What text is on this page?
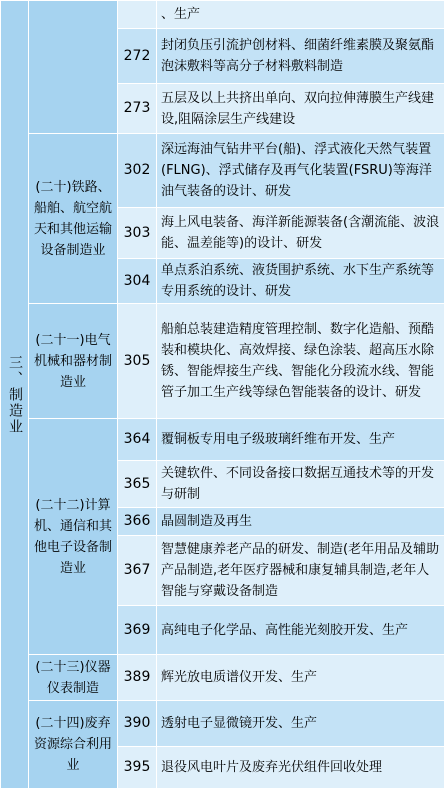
三、制造业			、生产
		272	封闭负压引流护创材料、细菌纤维素膜及聚氨酯泡沫敷料等高分子材料敷料制造
		273	五层及以上共挤出单向、双向拉伸薄膜生产线建设,阻隔涂层生产线建设
	(二十)铁路、船舶、航空航天和其他运输设备制造业	302	深远海油气钻井平台(船)、浮式液化天然气装置(FLNG)、浮式储存及再气化装置(FSRU)等海洋油气装备的设计、研发
		303	海上风电装备、海洋新能源装备(含潮流能、波浪能、温差能等)的设计、研发
		304	单点系泊系统、液货围护系统、水下生产系统等专用系统的设计、研发
	(二十一)电气机械和器材制造业	305	船舶总装建造精度管理控制、数字化造船、预酷装和模块化、高效焊接、绿色涂装、超高压水除锈、智能焊接生产线、智能化分段流水线、智能管子加工生产线等绿色智能装备的设计、研发
	(二十二)计算机、通信和其他电子设备制造业	364	覆铜板专用电子级玻璃纤维布开发、生产
		365	关键软件、不同设备接口数据互通技术等的开发与研制
		366	晶圆制造及再生
		367	智慧健康养老产品的研发、制造(老年用品及辅助产品制造,老年医疗器械和康复辅具制造,老年人智能与穿戴设备制造
		369	高纯电子化学品、高性能光刻胶开发、生产
	(二十三)仪器仪表制造	389	辉光放电质谱仪开发、生产
	(二十四)废弃资源综合利用业	390	透射电子显微镜开发、生产
		395	退役风电叶片及废弃光伏组件回收处理
